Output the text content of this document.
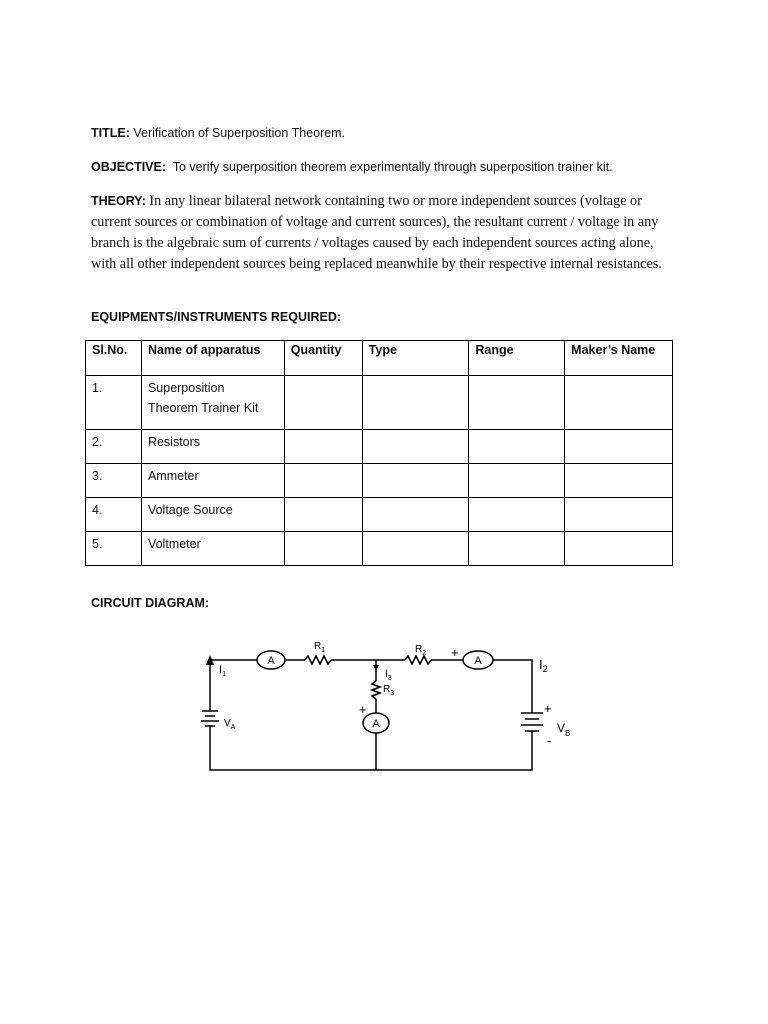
TITLE: Verification of Superposition Theorem.
OBJECTIVE: To verify superposition theorem experimentally through superposition trainer kit.
THEORY: In any linear bilateral network containing two or more independent sources (voltage or current sources or combination of voltage and current sources), the resultant current / voltage in any branch is the algebraic sum of currents / voltages caused by each independent sources acting alone, with all other independent sources being replaced meanwhile by their respective internal resistances.
EQUIPMENTS/INSTRUMENTS REQUIRED:
Sl.No.	Name of apparatus	Quantity	Type	Range	Maker’s Name
1.	Superposition
Theorem Trainer Kit				
2.	Resistors				
3.	Ammeter				
4.	Voltage Source				
5.	Voltmeter				
CIRCUIT DIAGRAM:
A	A
A
$R_1$	$R_2$
$R_3$
$I_3$
$I_1$
$I_2$
$V_A$	$V_B$
+
+	+
-
